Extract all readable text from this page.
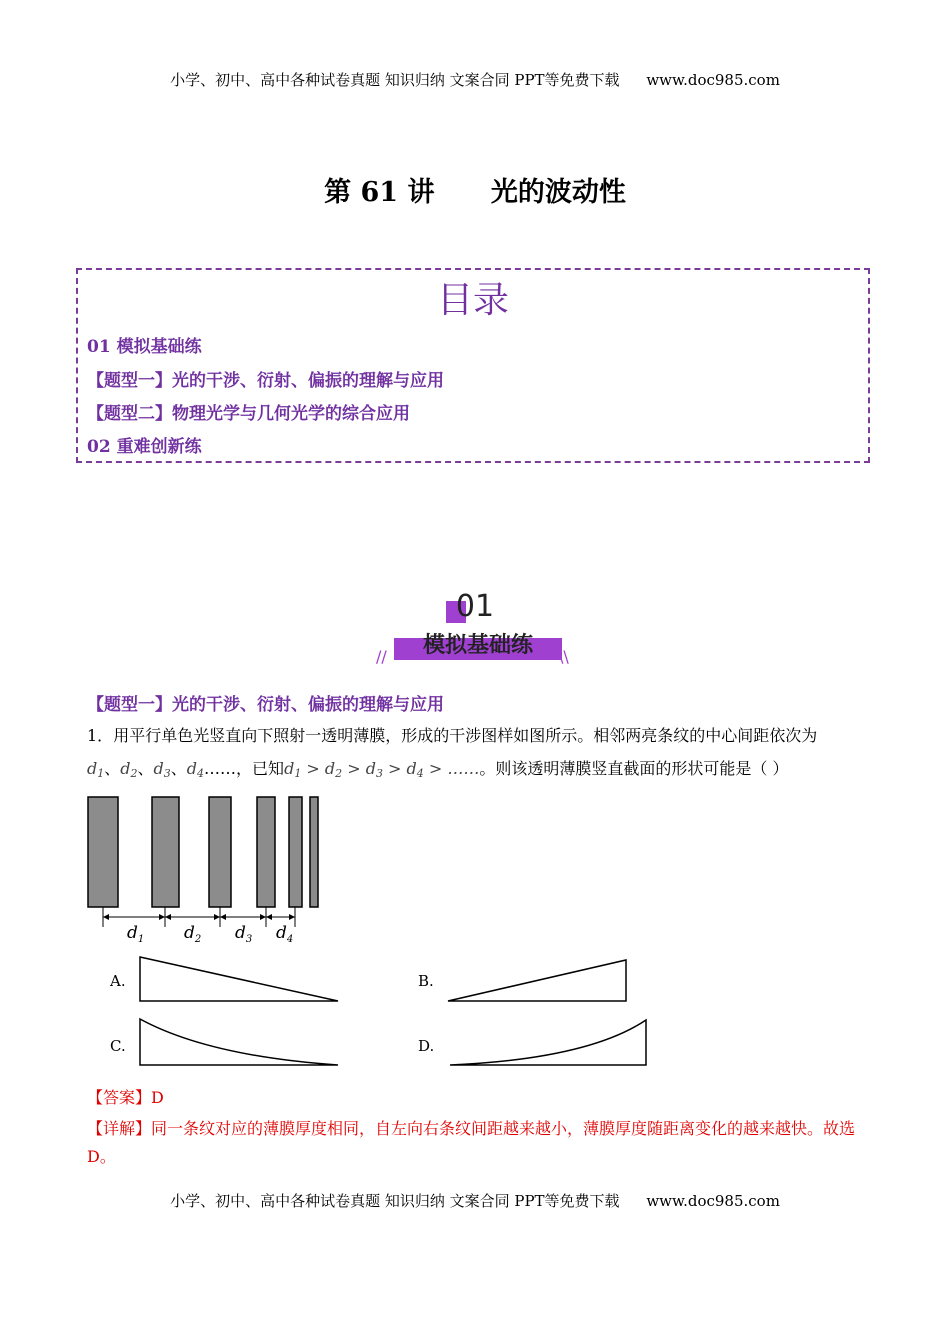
小学、初中、高中各种试卷真题 知识归纳 文案合同 PPT等免费下载 www.doc985.com
第 61 讲      光的波动性
目录
01 模拟基础练
【题型一】光的干涉、衍射、偏振的理解与应用
【题型二】物理光学与几何光学的综合应用
02 重难创新练
01
模拟基础练
//	\\
【题型一】光的干涉、衍射、偏振的理解与应用
1．用平行单色光竖直向下照射一透明薄膜，形成的干涉图样如图所示。相邻两亮条纹的中心间距依次为
$d_1$、$d_2$、$d_3$、$d_4\dots\dots$，已知$d_1 > d_2 > d_3 > d_4$ > ……。则该透明薄膜竖直截面的形状可能是（ ）
$d_1$ $d_2$ $d_3$ $d_4$
A.	B.
C.	D.
【答案】D
【详解】同一条纹对应的薄膜厚度相同，自左向右条纹间距越来越小，薄膜厚度随距离变化的越来越快。故选 D。
小学、初中、高中各种试卷真题 知识归纳 文案合同 PPT等免费下载 www.doc985.com
